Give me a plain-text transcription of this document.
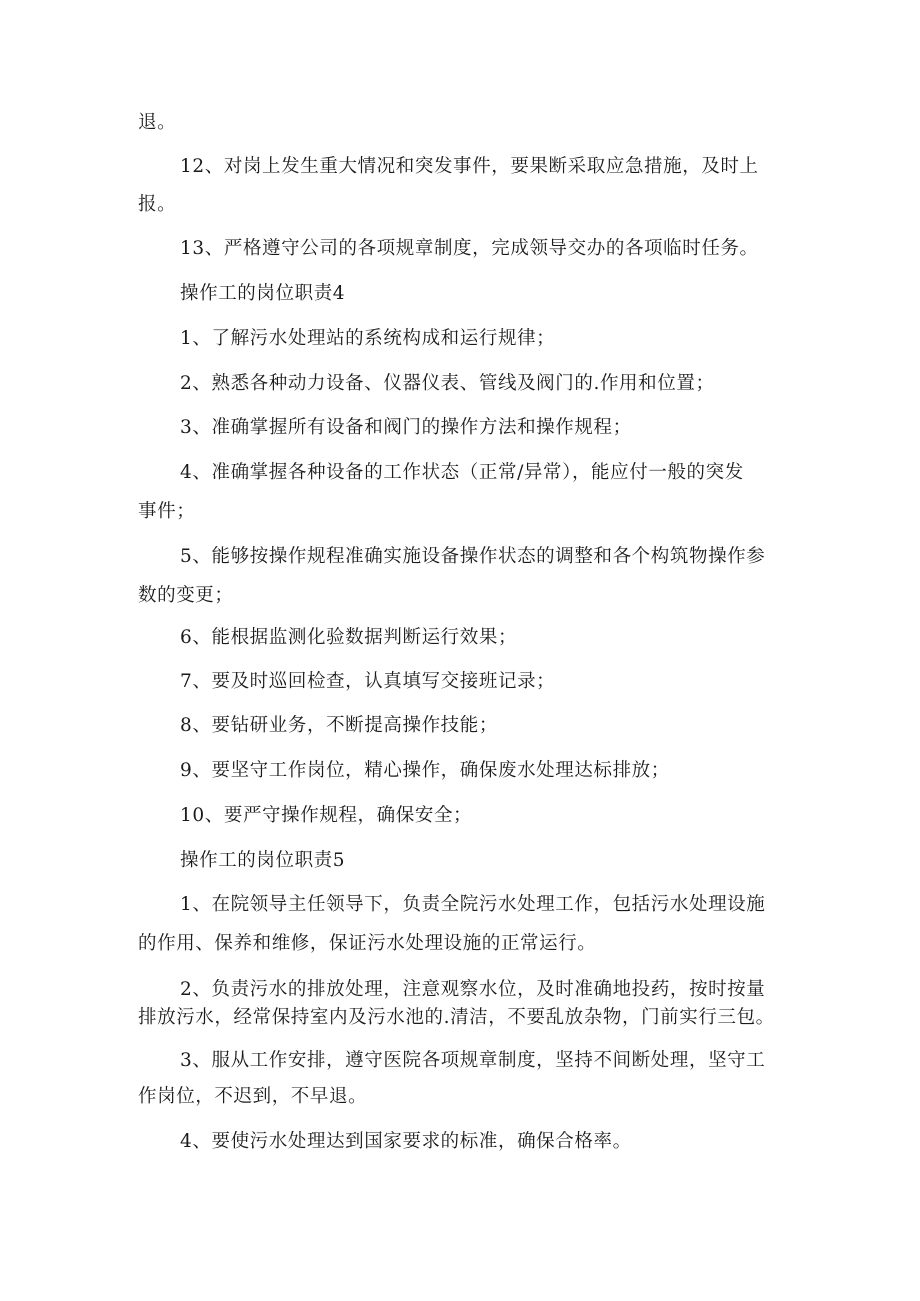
退。
12、对岗上发生重大情况和突发事件，要果断采取应急措施，及时上
报。
13、严格遵守公司的各项规章制度，完成领导交办的各项临时任务。
操作工的岗位职责4
1、了解污水处理站的系统构成和运行规律；
2、熟悉各种动力设备、仪器仪表、管线及阀门的.作用和位置；
3、准确掌握所有设备和阀门的操作方法和操作规程；
4、准确掌握各种设备的工作状态（正常/异常），能应付一般的突发
事件；
5、能够按操作规程准确实施设备操作状态的调整和各个构筑物操作参
数的变更；
6、能根据监测化验数据判断运行效果；
7、要及时巡回检查，认真填写交接班记录；
8、要钻研业务，不断提高操作技能；
9、要坚守工作岗位，精心操作，确保废水处理达标排放；
10、要严守操作规程，确保安全；
操作工的岗位职责5
1、在院领导主任领导下，负责全院污水处理工作，包括污水处理设施
的作用、保养和维修，保证污水处理设施的正常运行。
2、负责污水的排放处理，注意观察水位，及时准确地投药，按时按量
排放污水，经常保持室内及污水池的.清洁，不要乱放杂物，门前实行三包。
3、服从工作安排，遵守医院各项规章制度，坚持不间断处理，坚守工
作岗位，不迟到，不早退。
4、要使污水处理达到国家要求的标准，确保合格率。
